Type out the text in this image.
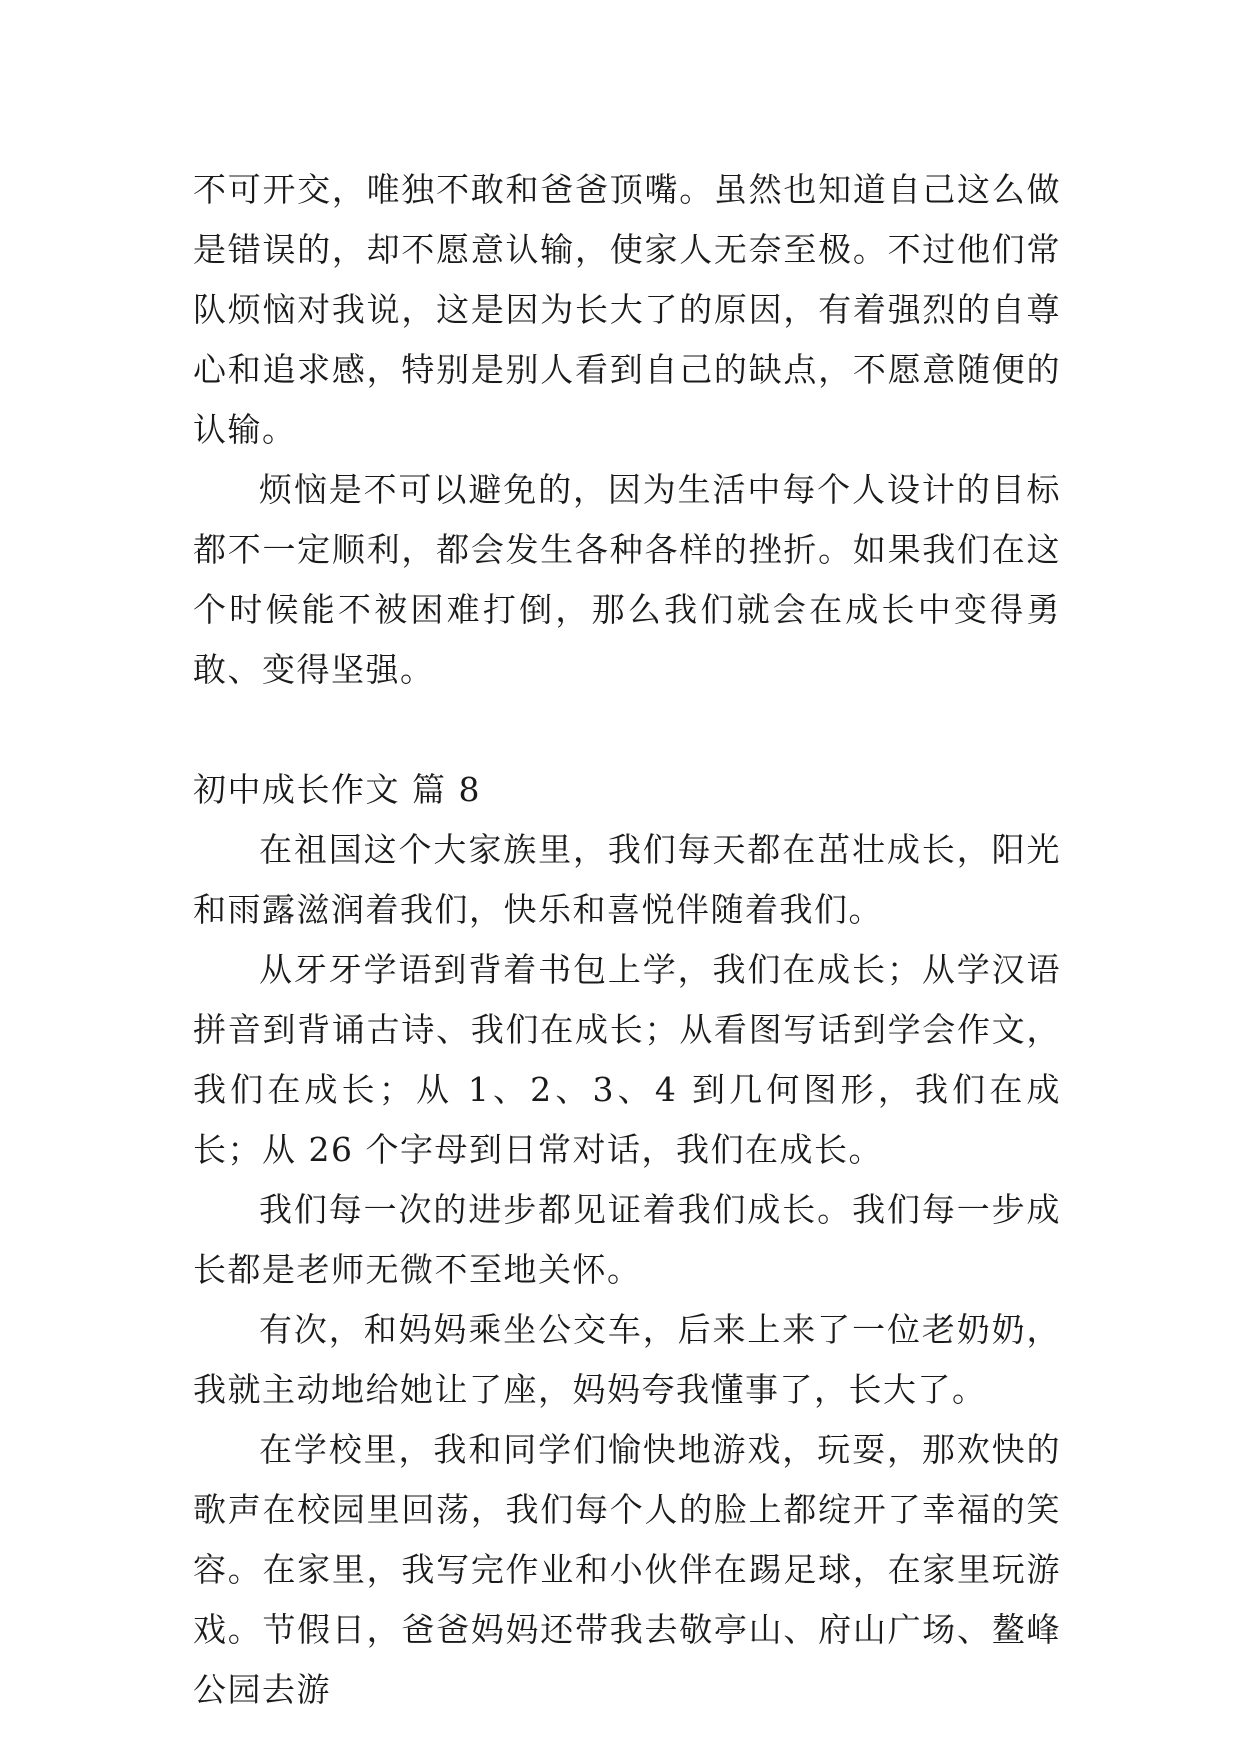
不可开交，唯独不敢和爸爸顶嘴。虽然也知道自己这么做是错误的，却不愿意认输，使家人无奈至极。不过他们常队烦恼对我说，这是因为长大了的原因，有着强烈的自尊心和追求感，特别是别人看到自己的缺点，不愿意随便的认输。

烦恼是不可以避免的，因为生活中每个人设计的目标都不一定顺利，都会发生各种各样的挫折。如果我们在这个时候能不被困难打倒，那么我们就会在成长中变得勇敢、变得坚强。

初中成长作文 篇 8

在祖国这个大家族里，我们每天都在茁壮成长，阳光和雨露滋润着我们，快乐和喜悦伴随着我们。

从牙牙学语到背着书包上学，我们在成长；从学汉语拼音到背诵古诗、我们在成长；从看图写话到学会作文，我们在成长；从 1、2、3、4 到几何图形，我们在成长；从 26 个字母到日常对话，我们在成长。

我们每一次的进步都见证着我们成长。我们每一步成长都是老师无微不至地关怀。

有次，和妈妈乘坐公交车，后来上来了一位老奶奶，我就主动地给她让了座，妈妈夸我懂事了，长大了。

在学校里，我和同学们愉快地游戏，玩耍，那欢快的歌声在校园里回荡，我们每个人的脸上都绽开了幸福的笑容。在家里，我写完作业和小伙伴在踢足球，在家里玩游戏。节假日，爸爸妈妈还带我去敬亭山、府山广场、鳌峰公园去游
